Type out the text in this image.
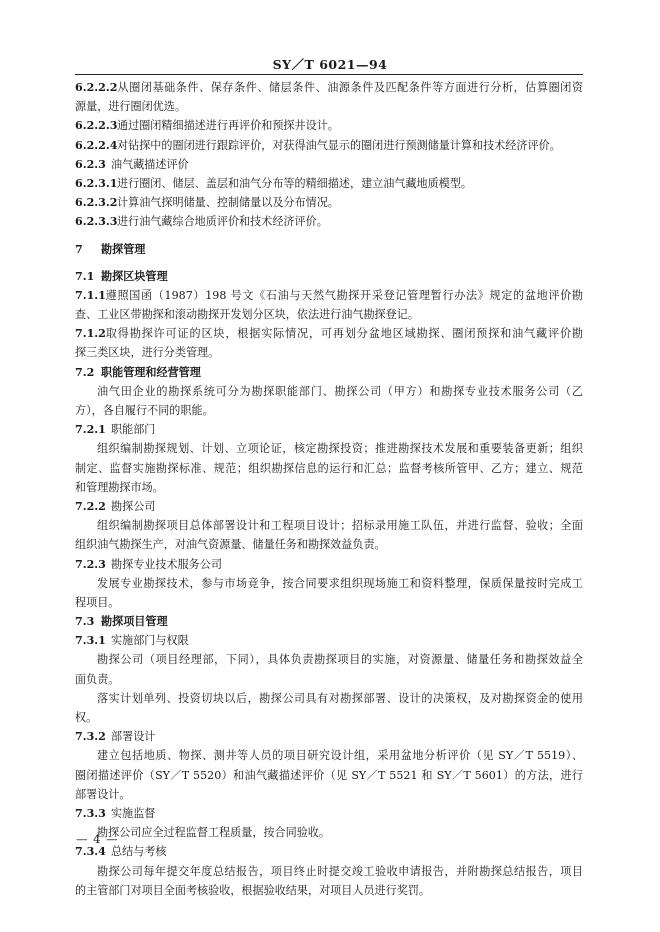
SY／T 6021—94
6.2.2.2从圈闭基础条件、保存条件、储层条件、油源条件及匹配条件等方面进行分析，估算圈闭资
源量，进行圈闭优选。
6.2.2.3通过圈闭精细描述进行再评价和预探井设计。
6.2.2.4对钻探中的圈闭进行跟踪评价，对获得油气显示的圈闭进行预测储量计算和技术经济评价。
6.2.3 油气藏描述评价
6.2.3.1进行圈闭、储层、盖层和油气分布等的精细描述，建立油气藏地质模型。
6.2.3.2计算油气探明储量、控制储量以及分布情况。
6.2.3.3进行油气藏综合地质评价和技术经济评价。
7 勘探管理
7.1 勘探区块管理
7.1.1遵照国函（1987）198 号文《石油与天然气勘探开采登记管理暂行办法》规定的盆地评价勘
查、工业区带勘探和滚动勘探开发划分区块，依法进行油气勘探登记。
7.1.2取得勘探许可证的区块，根据实际情况，可再划分盆地区域勘探、圈闭预探和油气藏评价勘
探三类区块，进行分类管理。
7.2 职能管理和经营管理
油气田企业的勘探系统可分为勘探职能部门、勘探公司（甲方）和勘探专业技术服务公司（乙
方），各自履行不同的职能。
7.2.1 职能部门
组织编制勘探规划、计划、立项论证，核定勘探投资；推进勘探技术发展和重要装备更新；组织
制定、监督实施勘探标准、规范；组织勘探信息的运行和汇总；监督考核所管甲、乙方；建立、规范
和管理勘探市场。
7.2.2 勘探公司
组织编制勘探项目总体部署设计和工程项目设计；招标录用施工队伍，并进行监督、验收；全面
组织油气勘探生产，对油气资源量、储量任务和勘探效益负责。
7.2.3 勘探专业技术服务公司
发展专业勘探技术，参与市场竞争，按合同要求组织现场施工和资料整理，保质保量按时完成工
程项目。
7.3 勘探项目管理
7.3.1 实施部门与权限
勘探公司（项目经理部，下同），具体负责勘探项目的实施，对资源量、储量任务和勘探效益全
面负责。
落实计划单列、投资切块以后，勘探公司具有对勘探部署、设计的决策权，及对勘探资金的使用
权。
7.3.2 部署设计
建立包括地质、物探、测井等人员的项目研究设计组，采用盆地分析评价（见 SY／T 5519）、
圈闭描述评价（SY／T 5520）和油气藏描述评价（见 SY／T 5521 和 SY／T 5601）的方法，进行
部署设计。
7.3.3 实施监督
勘探公司应全过程监督工程质量，按合同验收。
7.3.4 总结与考核
勘探公司每年提交年度总结报告，项目终止时提交竣工验收申请报告，并附勘探总结报告，项目
的主管部门对项目全面考核验收，根据验收结果，对项目人员进行奖罚。
— 4 —
